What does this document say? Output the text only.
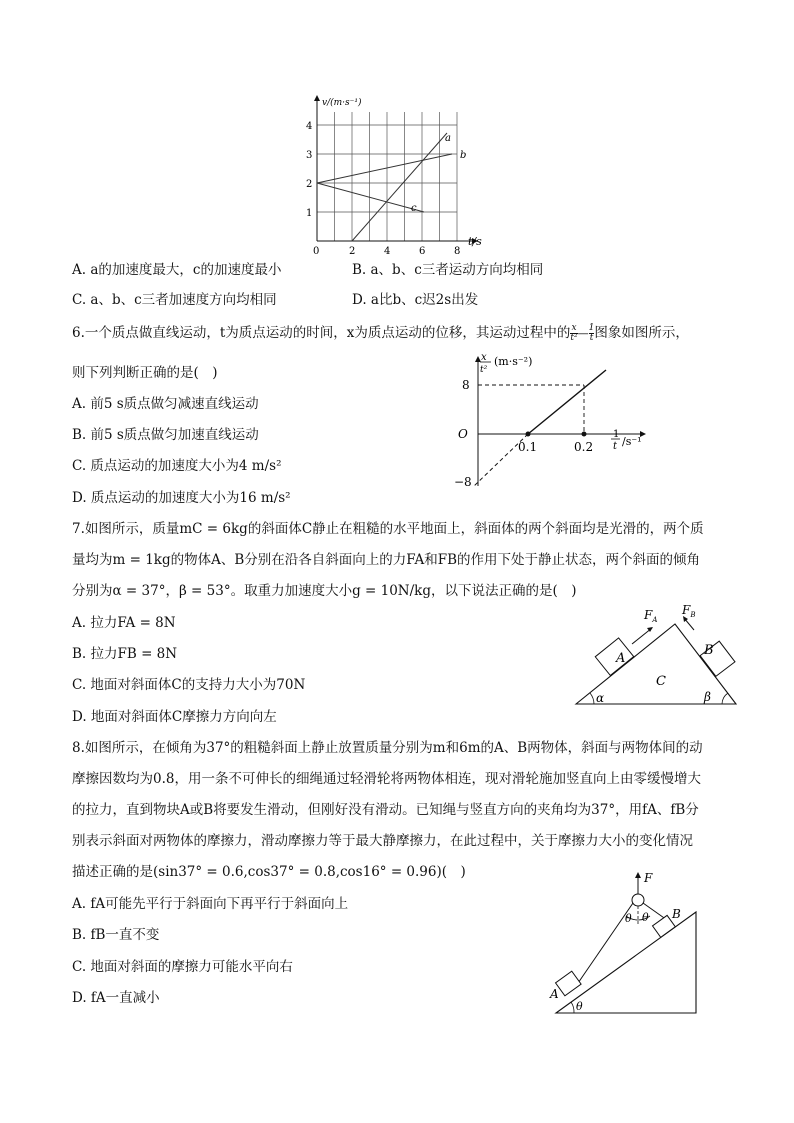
v/(m·s⁻¹)
t/s
a
b
c
0	2	4	6	8
1
2
3
4
A. a的加速度最大，c的加速度最小	B. a、b、c三者运动方向均相同
C. a、b、c三者加速度方向均相同	D. a比b、c迟2s出发
6.一个质点做直线运动，t为质点运动的时间，x为质点运动的位移，其运动过程中的 $\frac{x}{\text{t²}}$ — $\frac{1}{t}$ 图象如图所示，
则下列判断正确的是(　)
x
t²
(m·s⁻²)
8
−8
O
0.1	0.2
1
t /s⁻¹
A. 前5 s质点做匀减速直线运动
B. 前5 s质点做匀加速直线运动
C. 质点运动的加速度大小为4 m/s²
D. 质点运动的加速度大小为16 m/s²
7.如图所示，质量mC = 6kg的斜面体C静止在粗糙的水平地面上，斜面体的两个斜面均是光滑的，两个质
量均为m = 1kg的物体A、B分别在沿各自斜面向上的力FA和FB的作用下处于静止状态，两个斜面的倾角
分别为α = 37°，β = 53°。取重力加速度大小g = 10N/kg，以下说法正确的是(　)
$F_A$
$F_B$
A
B
C
α	β
A. 拉力FA = 8N
B. 拉力FB = 8N
C. 地面对斜面体C的支持力大小为70N
D. 地面对斜面体C摩擦力方向向左
8.如图所示，在倾角为37°的粗糙斜面上静止放置质量分别为m和6m的A、B两物体，斜面与两物体间的动
摩擦因数均为0.8，用一条不可伸长的细绳通过轻滑轮将两物体相连，现对滑轮施加竖直向上由零缓慢增大
的拉力，直到物块A或B将要发生滑动，但刚好没有滑动。已知绳与竖直方向的夹角均为37°，用fA、fB分
别表示斜面对两物体的摩擦力，滑动摩擦力等于最大静摩擦力，在此过程中，关于摩擦力大小的变化情况
描述正确的是(sin37° = 0.6,cos37° = 0.8,cos16° = 0.96)(　)	F
θ θ B
A
θ
A. fA可能先平行于斜面向下再平行于斜面向上
B. fB一直不变
C. 地面对斜面的摩擦力可能水平向右
D. fA一直减小
